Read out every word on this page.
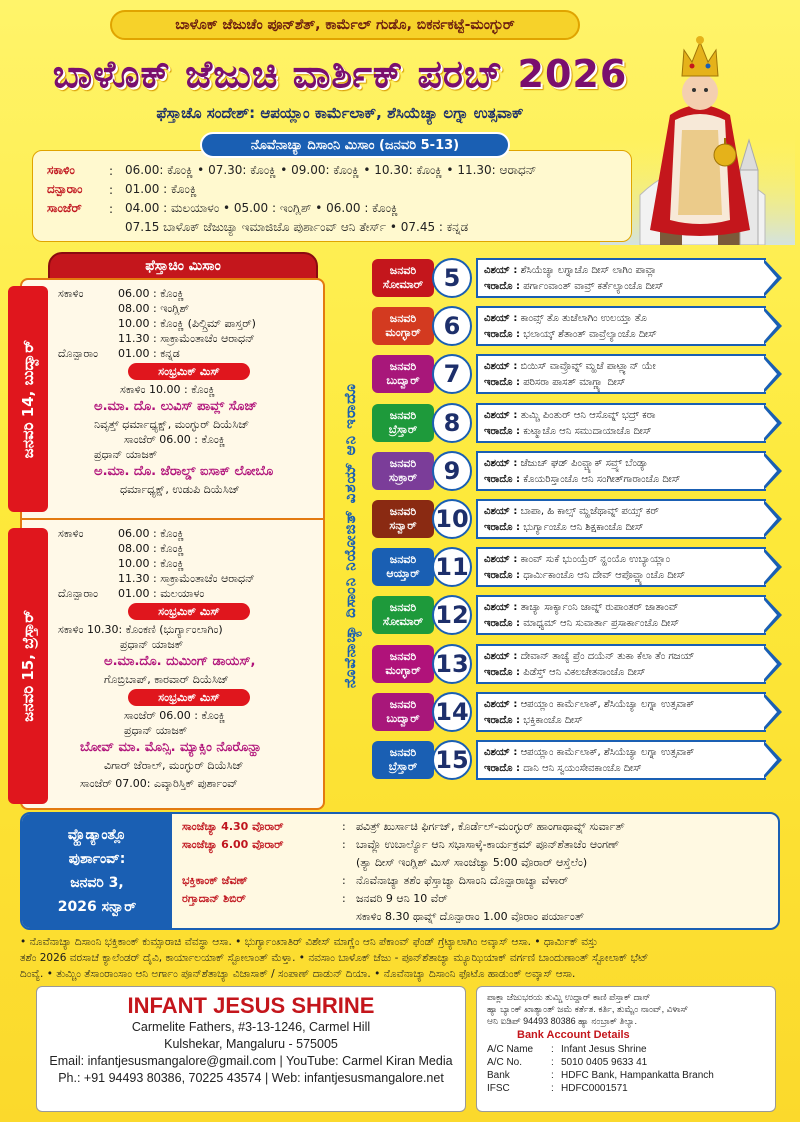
ಬಾಳೊಕ್ ಜೆಜುಚೆಂ ಪೂನ್‌ಶೆತ್, ಕಾರ್ಮೆಲ್ ಗುಡೊ, ಬಿಕರ್ನಕಟ್ಟೆ-ಮಂಗ್ಳುರ್
ಬಾಳೊಕ್ ಜೆಜುಚಿ ವಾರ್ಶಿಕ್ ಪರಬ್ 2026
ಫೆಸ್ತಾಚೊ ಸಂದೇಶ್: ಆಪಯ್ಲಾಂ ಕಾರ್ಮೆಲಾಕ್, ಶೆಸಿಯೆಚ್ಯಾ ಲಗ್ನಾ ಉತ್ಸವಾಕ್
ಸಕಾಳಿಂ	: 06.00: ಕೊಂಕ್ಣಿ • 07.30: ಕೊಂಕ್ಣಿ • 09.00: ಕೊಂಕ್ಣಿ • 10.30: ಕೊಂಕ್ಣಿ • 11.30: ಆರಾಧನ್
ದನ್ಪಾರಾಂ	: 01.00 : ಕೊಂಕ್ಣಿ
ಸಾಂಜೆರ್	: 04.00 : ಮಲಯಾಳಂ • 05.00 : ಇಂಗ್ಲಿಶ್ • 06.00 : ಕೊಂಕ್ಣಿ
07.15 ಬಾಳೊಕ್ ಜೆಜುಚ್ಯಾ ಇಮಾಜಿಚೊ ಪುರ್ಶಾಂವ್ ಆನಿ ತೇರ್ಸ್ • 07.45 : ಕನ್ನಡ
ನೊವೆನಾಚ್ಯಾ ದಿಸಾಂನಿ ಮಿಸಾಂ (ಜನವರಿ 5-13)
ಫೆಸ್ತಾಚಿಂ ಮಿಸಾಂ
ಜನವರಿ 14, ಬುದ್ವಾರ್
ಜನವರಿ 15, ಬ್ರೆಸ್ತಾರ್
ಸಕಾಳಿಂ	06.00 : ಕೊಂಕ್ಣಿ
08.00 : ಇಂಗ್ಲಿಶ್
10.00 : ಕೊಂಕ್ಣಿ (ಪಿಲ್ಗ್ರಿಮ್ ಪಾಸ್ತರ್)
11.30 : ಸಾಕ್ರಾಮೆಂತಾಚೆಂ ಆರಾಧನ್
ದೊನ್ಪಾರಾಂ 01.00 : ಕನ್ನಡ
ಸಂಭ್ರಮಿಕ್ ಮಿಸ್
ಸಕಾಳಿಂ 10.00 : ಕೊಂಕ್ಣಿ
ಅ.ಮಾ. ದೊ. ಲುವಿಸ್ ಪಾವ್ಲ್ ಸೊಜ್
ನಿವೃತ್ತ್ ಧರ್ಮಾಧ್ಯಕ್ಷ್, ಮಂಗ್ಳುರ್ ದಿಯೆಸಿಜ್
ಸಾಂಜೆರ್ 06.00 : ಕೊಂಕ್ಣಿ
ಪ್ರಧಾನ್ ಯಾಜಕ್
ಅ.ಮಾ. ದೊ. ಜೆರಾಲ್ಡ್ ಐಸಾಕ್ ಲೋಬೊ
ಧರ್ಮಾಧ್ಯಕ್ಷ್, ಉಡುಪಿ ದಿಯೆಸಿಜ್
ಸಕಾಳಿಂ	06.00 : ಕೊಂಕ್ಣಿ
08.00 : ಕೊಂಕ್ಣಿ
10.00 : ಕೊಂಕ್ಣಿ
11.30 : ಸಾಕ್ರಾಮೆಂತಾಚೆಂ ಆರಾಧನ್
ದೊನ್ಪಾರಾಂ 01.00 : ಮಲಯಾಳಂ
ಸಂಭ್ರಮಿಕ್ ಮಿಸ್
ಸಕಾಳಿಂ 10.30: ಕೊಂಕಣಿ (ಭುರ್ಗ್ಯಾಂಲಾಗಿಂ)
ಪ್ರಧಾನ್ ಯಾಜಕ್
ಅ.ಮಾ.ದೊ. ದುಮಿಂಗ್ ಡಾಯಸ್,
ಗೊಬ್ರಿಬಾಪ್, ಕಾರವಾರ್ ದಿಯೆಸಿಜ್
ಸಂಭ್ರಮಿಕ್ ಮಿಸ್
ಸಾಂಜೆರ್ 06.00 : ಕೊಂಕ್ಣಿ
ಪ್ರಧಾನ್ ಯಾಜಕ್
ಬೋವ್ ಮಾ. ಮೊನ್ಸಿ. ಮ್ಯಾಕ್ಸಿಂ ನೊರೊನ್ಹಾ
ವಿಗಾರ್ ಜೆರಾಲ್, ಮಂಗ್ಳುರ್ ದಿಯೆಸಿಜ್
ಸಾಂಜೆರ್ 07.00: ಎವ್ಕಾರಿಸ್ತಿಕ್ ಪುರ್ಶಾಂವ್
ನೊವೆನಾಚ್ಯಾ ದಿಸಾಂನಿ ನಿಯೋಜಿತ್ ವಿಶಯ್ ಆನಿ ಇರಾದೊ
ಜನವರಿ
ಸೋಮಾರ್ 5	ವಿಶಯ್ : ಶೆಸಿಯೆಚ್ಯಾ ಲಗ್ನಾಚೊ ದೀಸ್ ಲಾಗಿಂ ಪಾವ್ಲಾ
ಇರಾದೊ : ಪರ್ಗಾಂವಾಂತ್ ವಾವ್ರ್ ಕರ್ತೆಲ್ಯಾಂಚೊ ದೀಸ್
ಜನವರಿ
ಮಂಗ್ಳಾರ್ 6	ವಿಶಯ್ : ಕಾಂವ್ಸ್ ತೊ ತುಜೆಲಾಗಿಂ ಉಲಯ್ತಾ ತೊ
ಇರಾದೊ : ಭಲಾಯ್ಕ್ ಶೆತಾಂತ್ ವಾವ್ರೆಲ್ಯಾಂಚೊ ದೀಸ್
ಜನವರಿ
ಬುದ್ವಾರ್	7	ವಿಶಯ್ : ಬಿಯಿಸ್ ವಾವ್ರೊವ್ನ್ ಮ್ಹಜೆ ಪಾಟ್ಲ್ಯಾನ್ ಯೇ
ಇರಾದೊ : ಪರಿಸರಾ ಪಾಸತ್ ಮಾಗ್ಣ್ಯಾ ದೀಸ್
ಜನವರಿ
ಬ್ರೆಸ್ತಾರ್	8	ವಿಶಯ್ : ತುಮ್ಚಿ ಪಿಂತುರ್ ಆನಿ ಆಸೊವ್ನ್ ಭದ್ರ್ ಕರಾ
ಇರಾದೊ : ಕುಟ್ಮಾಚೊ ಆನಿ ಸಮುದಾಯಾಚೊ ದೀಸ್
ಜನವರಿ
ಸುಕ್ರಾರ್	9	ವಿಶಯ್ : ಜೆಜುಚ್ ಘಡ್ ಪಿಂವ್ಚ್ಯಾಕ್ ಸವ್ರ್ನ್ ಬೆಂಡ್ಯಾ
ಇರಾದೊ : ಕೊಯರಿಸ್ತಾಂಚೊ ಆನಿ ಸಂಗೀತ್‌ಗಾರಾಂಚೊ ದೀಸ್
ಜನವರಿ
ಸನ್ವಾರ್ 10	ವಿಶಯ್ : ಬಾಪಾ, ಹಿ ಕಾಲ್ಸ್ ಮ್ಹಜೆಥಾವ್ನ್ ಪಯ್ಸ್ ಕರ್
ಇರಾದೊ : ಭುರ್ಗ್ಯಾಂಚೊ ಆನಿ ಶಿಕ್ಷಕಾಂಚೊ ದೀಸ್
ಜನವರಿ
ಆಯ್ತಾರ್ 11	ವಿಶಯ್ : ಕಾಂವ್ ಸುಕೆ ಭುಂಯ್ರೆರ್ ನ್ಹಂಯೊ ಉಬ್ಯಾಯ್ಲಾಂ
ಇರಾದೊ : ಧಾರ್ಮಿಕಾಂಚೊ ಆನಿ ದೇವ್ ಆಪೊವ್ಣ್ಯಾಂಚೊ ದೀಸ್
ಜನವರಿ
ಸೋಮಾರ್ 12	ವಿಶಯ್ : ತಾಚ್ಯಾ ಸಾರ್ಕ್ಯಾಂನಿ ಜಾವ್ನ್ ರುಪಾಂತರ್ ಜಾತಾಂವ್
ಇರಾದೊ : ಮಾಧ್ಯಮ್ ಆನಿ ಸುವಾರ್ತಾ ಪ್ರಸಾರ್ಕಾಂಚೊ ದೀಸ್
ಜನವರಿ
ಮಂಗ್ಳಾರ್ 13	ವಿಶಯ್ : ದೇವಾನ್ ತಾಚ್ಯೆ ಪ್ರೆಂ ದಯೆನ್ ತುಕಾ ಕೆಲಾ ತೆಂ ಗಜಯ್
ಇರಾದೊ : ಪಿಡೆಸ್ತ್ ಆನಿ ವಿಕಲಚೇತನಾಂಚೊ ದೀಸ್
ಜನವರಿ
ಬುದ್ವಾರ್ 14	ವಿಶಯ್ : ಆಪಯ್ಲಾಂ ಕಾರ್ಮೆಲಾಕ್, ಶೆಸಿಯೆಚ್ಯಾ ಲಗ್ನಾ ಉತ್ಸವಾಕ್
ಇರಾದೊ : ಭಕ್ತಿಕಾಂಚೊ ದೀಸ್
ಜನವರಿ
ಬ್ರೆಸ್ತಾರ್ 15	ವಿಶಯ್ : ಆಪಯ್ಲಾಂ ಕಾರ್ಮೆಲಾಕ್, ಶೆಸಿಯೆಚ್ಯಾ ಲಗ್ನಾ ಉತ್ಸವಾಕ್
ಇರಾದೊ : ದಾನಿ ಆನಿ ಸ್ವಯಂಸೇವಕಾಂಚೊ ದೀಸ್
ವ್ಹೊಡ್ಯಾಂತ್ಲೊ
ಪುರ್ಶಾಂವ್:
ಜನವರಿ 3,
2026 ಸನ್ವಾರ್
ಸಾಂಜೆಚ್ಯಾ 4.30 ವೊರಾರ್	: ಪವಿತ್ರ್ ಖುರ್ಸಾಚಿ ಫಿರ್ಗಜ್, ಕೊರ್ಡೆಲ್-ಮಂಗ್ಳುರ್ ಹಾಂಗಾಥಾವ್ನ್ ಸುರ್ವಾತ್
ಸಾಂಜೆಚ್ಯಾ 6.00 ವೊರಾರ್	: ಬಾವ್ಲೊ ಉಬಾರ್ಲ್ಯೊ ಆನಿ ಸಭಾಸಾಳ್ಕೆ-ಕಾರ್ಯಕ್ರಮ್ ಪೂನ್‌ಶೆತಾಚೆಂ ಆಂಗಣ್
(ತ್ಯಾ ದೀಸ್ ಇಂಗ್ಲಿಶ್ ಮಿಸ್ ಸಾಂಜೆಚ್ಯಾ 5:00 ವೊರಾರ್ ಆಸ್ತೆಲೆಂ)
ಭಕ್ತಿಕಾಂಕ್ ಜೆವಣ್	: ನೊವೆನಾಚ್ಯಾ ತಶೆಂ ಫೆಸ್ತಾಚ್ಯಾ ದಿಸಾಂನಿ ದೊನ್ಪಾರಾಚ್ಯಾ ವೆಳಾರ್
ರಗ್ತಾದಾನ್ ಶಿಬಿರ್	: ಜನವರಿ 9 ಆನಿ 10 ವೆರ್
ಸಕಾಳಿಂ 8.30 ಥಾವ್ನ್ ದೊನ್ಪಾರಾಂ 1.00 ವೊರಾಂ ಪರ್ಯಾಂತ್
• ನೊವೆನಾಚ್ಯಾ ದಿಸಾಂನಿ ಭಕ್ತಿಕಾಂಕ್ ಕುಮ್ಸಾರಾಚಿ ವೆವಸ್ಥಾ ಆಸಾ. • ಭುರ್ಗ್ಯಾಂಖಾತಿರ್ ವಿಶೇಸ್ ಮಾಗ್ಣೆಂ ಆನಿ ಪೆಕಾಂವ್ ಫೆಂಡ್ ಗ್ರೆಟ್ಯಾಲಾಗಿಂ ಅವ್ಕಾಸ್ ಆಸಾ. • ಧಾರ್ಮಿಕ್ ವಸ್ತು
ತಶೆಂ 2026 ವರಸಾಚೆ ಕ್ಯಾಲೆಂಡರ್ ದೈವಿ, ಕಾರ್ಯಾಲಯಾಕ್ ಸ್ಟೋಲಾಂತ್ ಮೆಳ್ತಾ. • ನವಸಾಂ ಬಾಳೊಕ್ ಜೆಜು - ಪೂನ್‌ಶೆತಾಚ್ಯಾ ಮ್ಯೂಝಿಯಾಕ್ ವರ್ಗಣಿ ಬಾಂದುಣಾಂತ್ ಸ್ಟೋಲಾಕ್ ಭೆಟ್
ದಿಂವ್ಯೆ. • ತುಮ್ಚಿಂ ತೆಸಾಂರಾಂಸಾಂ ಆನಿ ಅರ್ಗಾಂ ಪೂನ್‌ಶೆತಾಚ್ಯಾ ವಿಜಾಸಾಕ್ / ಸಂಪಾಣ್ ದಾಡುನ್ ದಿಯಾ. • ನೊವೆನಾಚ್ಯಾ ದಿಸಾಂನಿ ಫೊಟೊ ಹಾಡುಂಕ್ ಅವ್ಕಾಸ್ ಆಸಾ.
INFANT JESUS SHRINE
Carmelite Fathers, #3-13-1246, Carmel Hill
Kulshekar, Mangaluru - 575005
Email: infantjesusmangalore@gmail.com | YouTube: Carmel Kiran Media
Ph.: +91 94493 80386, 70225 43574 | Web: infantjesusmangalore.net
ಪಾಕ್ಲಾ ಜೆಜುಭರಯ ತುಮ್ಚಿ ಉದ್ದಾರ್ ಕಾಣಿ ಪೆಸ್ತಾಕ್ ದಾನ್
ಹ್ಯಾ ಬ್ಯಾಂಕ್ ಖಾತ್ಯಾಂತ್ ಜಮೆ ಕರ್ತೆತ. ಕರ್ತಿ, ತುಮ್ಚೆಂ ನಾಂವ್, ವಿಳಾಸ್
ಆನಿ ಐಡಿಪ್ 94493 80386 ಹ್ಯಾ ನಂಬ್ರಾಕ್ ತಿಲ್ಯಾ.
Bank Account Details
A/C Name	: Infant Jesus Shrine
A/C No.	: 5010 0405 9633 41
Bank	: HDFC Bank, Hampankatta Branch
IFSC	: HDFC0001571
